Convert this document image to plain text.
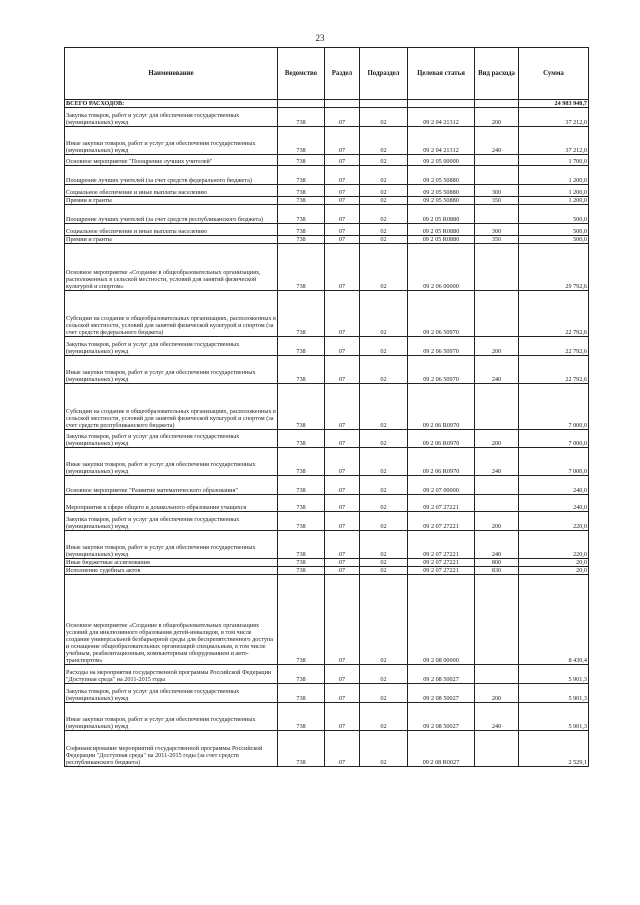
23
Наименование	Ведомство	Раздел	Подраздел	Целевая статья	Вид расхода	Сумма
ВСЕГО РАСХОДОВ:						24 983 940,7
Закупка товаров, работ и услуг для обеспечения государственных (муниципальных) нужд	738	07	02	09 2 04 21312	200	37 212,0
Иные закупки товаров, работ и услуг для обеспечения государственных (муниципальных) нужд	738	07	02	09 2 04 21312	240	37 212,0
Основное мероприятие "Поощрение лучших учителей"	738	07	02	09 2 05 00000		1 700,0
Поощрение лучших учителей (за счет средств федерального бюджета)	738	07	02	09 2 05 50880		1 200,0
Социальное обеспечение и иные выплаты населению	738	07	02	09 2 05 50880	300	1 200,0
Премии и гранты	738	07	02	09 2 05 50880	350	1 200,0
Поощрение лучших учителей (за счет средств республиканского бюджета)	738	07	02	09 2 05 R0880		500,0
Социальное обеспечение и иные выплаты населению	738	07	02	09 2 05 R0880	300	500,0
Премии и гранты	738	07	02	09 2 05 R0880	350	500,0
Основное мероприятие «Создание в общеобразовательных организациях, расположенных в сельской местности, условий для занятий физической культурой и спортом»	738	07	02	09 2 06 00000		29 792,6
Субсидии на создание в общеобразовательных организациях, расположенных в сельской местности, условий для занятий физической культурой и спортом (за счет средств федерального бюджета)	738	07	02	09 2 06 50970		22 792,6
Закупка товаров, работ и услуг для обеспечения государственных (муниципальных) нужд	738	07	02	09 2 06 50970	200	22 792,6
Иные закупки товаров, работ и услуг для обеспечения государственных (муниципальных) нужд	738	07	02	09 2 06 50970	240	22 792,6
Субсидии на создание в общеобразовательных организациях, расположенных в сельской местности, условий для занятий физической культурой и спортом (за счет средств республиканского бюджета)	738	07	02	09 2 06 R0970		7 000,0
Закупка товаров, работ и услуг для обеспечения государственных (муниципальных) нужд	738	07	02	09 2 06 R0970	200	7 000,0
Иные закупки товаров, работ и услуг для обеспечения государственных (муниципальных) нужд	738	07	02	09 2 06 R0970	240	7 000,0
Основное мероприятие "Развитие математического образования"	738	07	02	09 2 07 00000		240,0
Мероприятия в сфере общего и дошкольного образования учащихся	738	07	02	09 2 07 27221		240,0
Закупка товаров, работ и услуг для обеспечения государственных (муниципальных) нужд	738	07	02	09 2 07 27221	200	220,0
Иные закупки товаров, работ и услуг для обеспечения государственных (муниципальных) нужд	738	07	02	09 2 07 27221	240	220,0
Иные бюджетные ассигнования	738	07	02	09 2 07 27221	800	20,0
Исполнение судебных актов	738	07	02	09 2 07 27221	830	20,0
Основное мероприятие «Создание в общеобразовательных организациях условий для инклюзивного образования детей-инвалидов, в том числе создание универсальной безбарьерной среды для беспрепятственного доступа и оснащение общеобразовательных организаций специальным, в том числе учебным, реабилитационным, компьютерным оборудованием и авто-транспортом»	738	07	02	09 2 08 00000		8 430,4
Расходы на мероприятия государственной программы Российской Федерации "Доступная среда" на 2011-2015 годы	738	07	02	09 2 08 50027		5 901,3
Закупка товаров, работ и услуг для обеспечения государственных (муниципальных) нужд	738	07	02	09 2 08 50027	200	5 901,3
Иные закупки товаров, работ и услуг для обеспечения государственных (муниципальных) нужд	738	07	02	09 2 08 50027	240	5 901,3
Софинансирование мероприятий государственной программы Российской Федерации "Доступная среда" на 2011-2015 годы (за счет средств республиканского бюджета)	738	07	02	09 2 08 R0027		2 529,1
